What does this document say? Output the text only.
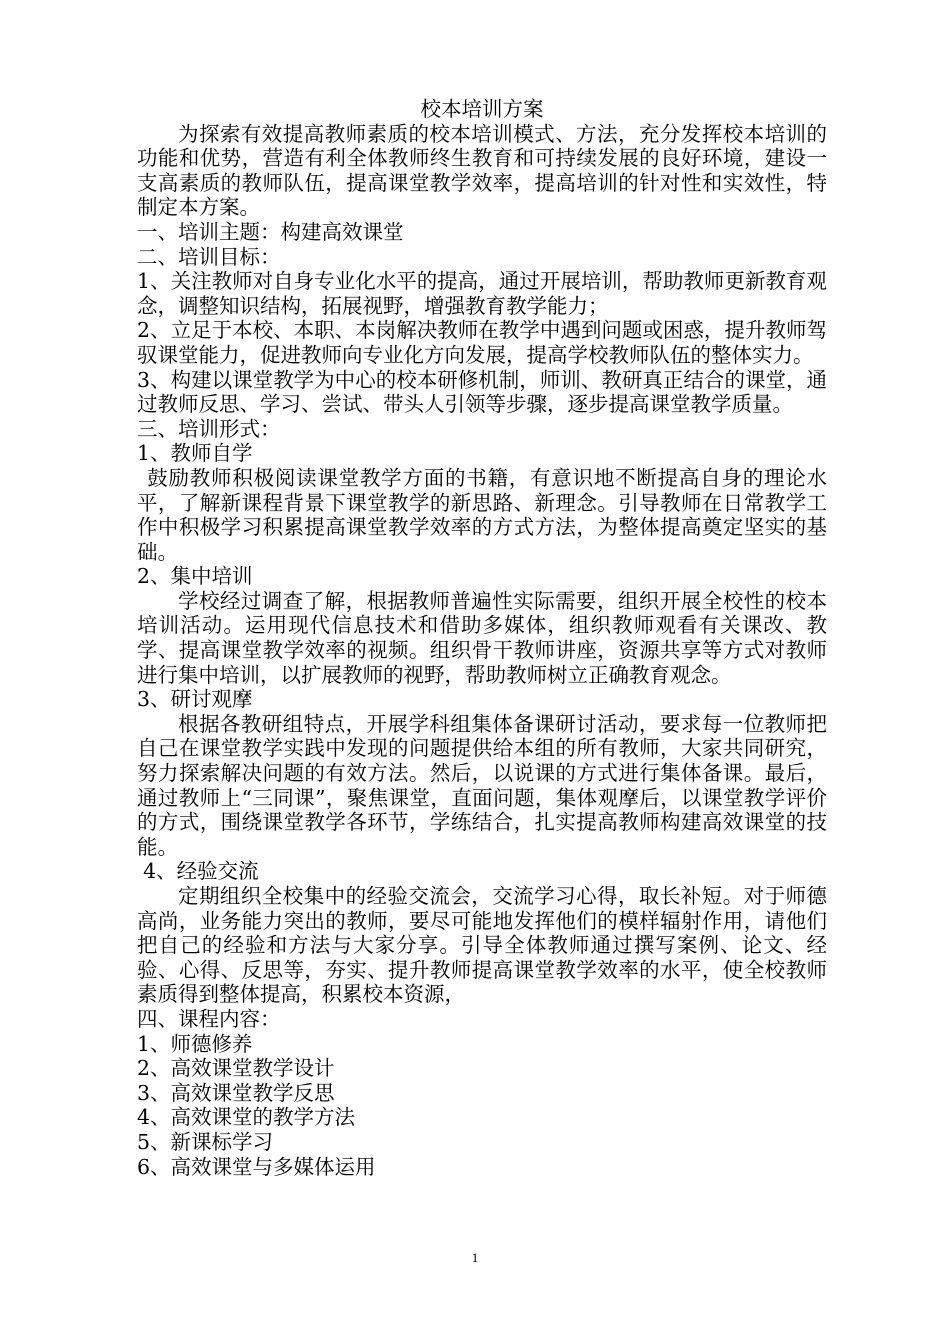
校本培训方案

为探索有效提高教师素质的校本培训模式、方法，充分发挥校本培训的功能和优势，营造有利全体教师终生教育和可持续发展的良好环境，建设一支高素质的教师队伍，提高课堂教学效率，提高培训的针对性和实效性，特制定本方案。

一、培训主题：构建高效课堂

二、培训目标：

1、关注教师对自身专业化水平的提高，通过开展培训，帮助教师更新教育观念，调整知识结构，拓展视野，增强教育教学能力；

2、立足于本校、本职、本岗解决教师在教学中遇到问题或困惑，提升教师驾驭课堂能力，促进教师向专业化方向发展，提高学校教师队伍的整体实力。

3、构建以课堂教学为中心的校本研修机制，师训、教研真正结合的课堂，通过教师反思、学习、尝试、带头人引领等步骤，逐步提高课堂教学质量。

三、培训形式：

1、教师自学

鼓励教师积极阅读课堂教学方面的书籍，有意识地不断提高自身的理论水平，了解新课程背景下课堂教学的新思路、新理念。引导教师在日常教学工作中积极学习积累提高课堂教学效率的方式方法，为整体提高奠定坚实的基础。

2、集中培训

学校经过调查了解，根据教师普遍性实际需要，组织开展全校性的校本培训活动。运用现代信息技术和借助多媒体，组织教师观看有关课改、教学、提高课堂教学效率的视频。组织骨干教师讲座，资源共享等方式对教师进行集中培训，以扩展教师的视野，帮助教师树立正确教育观念。

3、研讨观摩

根据各教研组特点，开展学科组集体备课研讨活动，要求每一位教师把自己在课堂教学实践中发现的问题提供给本组的所有教师，大家共同研究，努力探索解决问题的有效方法。然后，以说课的方式进行集体备课。最后，通过教师上“三同课”，聚焦课堂，直面问题，集体观摩后，以课堂教学评价的方式，围绕课堂教学各环节，学练结合，扎实提高教师构建高效课堂的技能。

4、经验交流

定期组织全校集中的经验交流会，交流学习心得，取长补短。对于师德高尚，业务能力突出的教师，要尽可能地发挥他们的模样辐射作用，请他们把自己的经验和方法与大家分享。引导全体教师通过撰写案例、论文、经验、心得、反思等，夯实、提升教师提高课堂教学效率的水平，使全校教师素质得到整体提高，积累校本资源，

四、课程内容：

1、师德修养

2、高效课堂教学设计

3、高效课堂教学反思

4、高效课堂的教学方法

5、新课标学习

6、高效课堂与多媒体运用

1
